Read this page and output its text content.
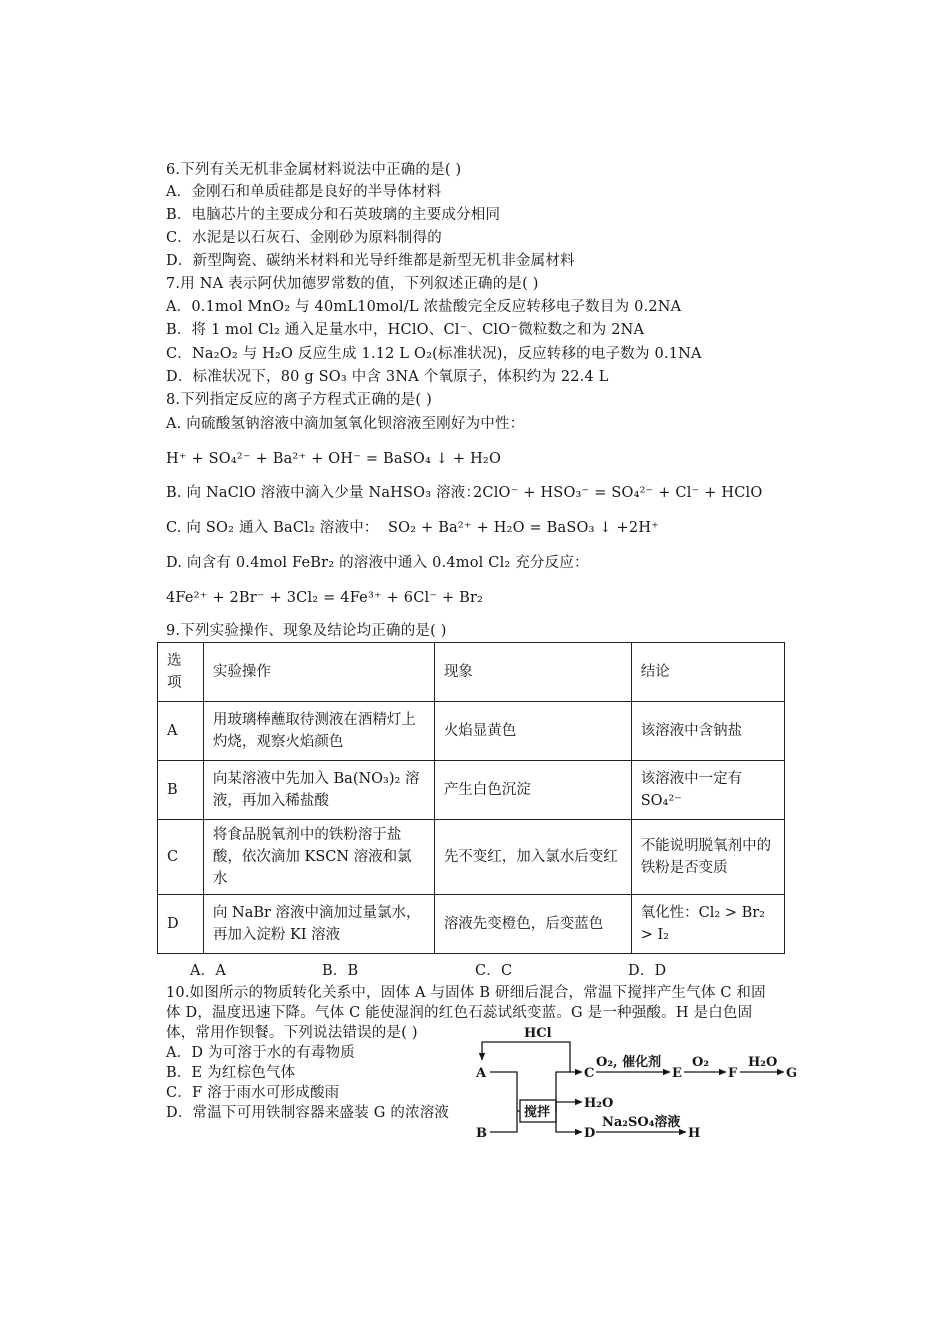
6.下列有关无机非金属材料说法中正确的是( )
A．金刚石和单质硅都是良好的半导体材料
B．电脑芯片的主要成分和石英玻璃的主要成分相同
C．水泥是以石灰石、金刚砂为原料制得的
D．新型陶瓷、碳纳米材料和光导纤维都是新型无机非金属材料
7.用 NA 表示阿伏加德罗常数的值，下列叙述正确的是( )
A．0.1mol MnO₂ 与 40mL10mol/L 浓盐酸完全反应转移电子数目为 0.2NA
B．将 1 mol Cl₂ 通入足量水中，HClO、Cl⁻、ClO⁻微粒数之和为 2NA
C．Na₂O₂ 与 H₂O 反应生成 1.12 L O₂(标准状况)，反应转移的电子数为 0.1NA
D．标准状况下，80 g SO₃ 中含 3NA 个氧原子，体积约为 22.4 L
8.下列指定反应的离子方程式正确的是( )
A. 向硫酸氢钠溶液中滴加氢氧化钡溶液至刚好为中性：
H⁺ + SO₄²⁻ + Ba²⁺ + OH⁻ = BaSO₄ ↓ + H₂O
B. 向 NaClO 溶液中滴入少量 NaHSO₃ 溶液：
2ClO⁻ + HSO₃⁻ = SO₄²⁻ + Cl⁻ + HClO
C. 向 SO₂ 通入 BaCl₂ 溶液中： SO₂ + Ba²⁺ + H₂O = BaSO₃ ↓ +2H⁺
D. 向含有 0.4mol FeBr₂ 的溶液中通入 0.4mol Cl₂ 充分反应：
4Fe²⁺ + 2Br⁻ + 3Cl₂ = 4Fe³⁺ + 6Cl⁻ + Br₂
9.下列实验操作、现象及结论均正确的是( )
选项	实验操作	现象	结论
A	用玻璃棒蘸取待测液在酒精灯上灼烧，观察火焰颜色	火焰显黄色	该溶液中含钠盐
B	向某溶液中先加入 Ba(NO₃)₂ 溶液，再加入稀盐酸	产生白色沉淀	该溶液中一定有 SO₄²⁻
C	将食品脱氧剂中的铁粉溶于盐酸，依次滴加 KSCN 溶液和氯水	先不变红，加入氯水后变红	不能说明脱氧剂中的铁粉是否变质
D	向 NaBr 溶液中滴加过量氯水，再加入淀粉 KI 溶液	溶液先变橙色，后变蓝色	氧化性：Cl₂ > Br₂ > I₂
A．A	B．B	C．C	D．D
10.如图所示的物质转化关系中，固体 A 与固体 B 研细后混合，常温下搅拌产生气体 C 和固
体 D，温度迅速下降。气体 C 能使湿润的红色石蕊试纸变蓝。G 是一种强酸。H 是白色固
体，常用作钡餐。下列说法错误的是( )
A．D 为可溶于水的有毒物质
B．E 为红棕色气体
C．F 溶于雨水可形成酸雨
D．常温下可用铁制容器来盛装 G 的浓溶液
HCl
A
B
搅拌
C
O₂, 催化剂
E
O₂
F
H₂O
G
H₂O
D
Na₂SO₄溶液
H
